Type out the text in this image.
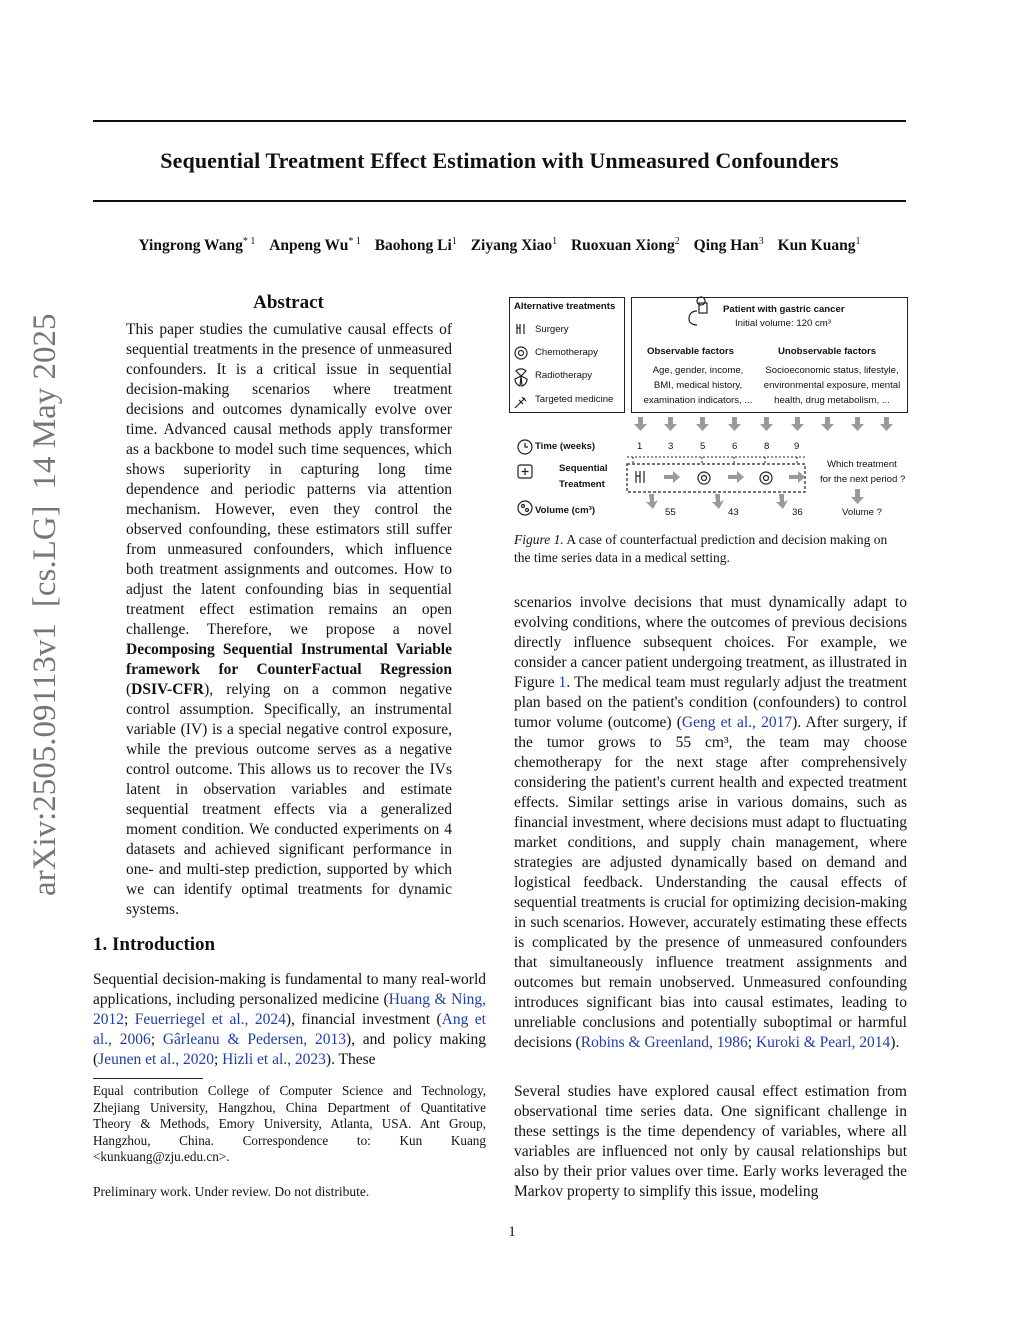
arXiv:2505.09113v1[cs.LG]14 May 2025
Sequential Treatment Effect Estimation with Unmeasured Confounders
Yingrong Wang$^{* 1}$ Anpeng Wu$^{* 1}$ Baohong Li$^1$ Ziyang Xiao$^1$ Ruoxuan Xiong$^2$ Qing Han$^3$ Kun Kuang$^1$
Abstract
This paper studies the cumulative causal effects of sequential treatments in the presence of unmeasured confounders. It is a critical issue in sequential decision-making scenarios where treatment decisions and outcomes dynamically evolve over time. Advanced causal methods apply transformer as a backbone to model such time sequences, which shows superiority in capturing long time dependence and periodic patterns via attention mechanism. However, even they control the observed confounding, these estimators still suffer from unmeasured confounders, which influence both treatment assignments and outcomes. How to adjust the latent confounding bias in sequential treatment effect estimation remains an open challenge. Therefore, we propose a novel Decomposing Sequential Instrumental Variable framework for CounterFactual Regression (DSIV-CFR), relying on a common negative control assumption. Specifically, an instrumental variable (IV) is a special negative control exposure, while the previous outcome serves as a negative control outcome. This allows us to recover the IVs latent in observation variables and estimate sequential treatment effects via a generalized moment condition. We conducted experiments on 4 datasets and achieved significant performance in one- and multi-step prediction, supported by which we can identify optimal treatments for dynamic systems.
1. Introduction
Sequential decision-making is fundamental to many real-world applications, including personalized medicine (Huang & Ning, 2012; Feuerriegel et al., 2024), financial investment (Ang et al., 2006; Gârleanu & Pedersen, 2013), and policy making (Jeunen et al., 2020; Hizli et al., 2023). These
Equal contribution College of Computer Science and Technology, Zhejiang University, Hangzhou, China Department of Quantitative Theory & Methods, Emory University, Atlanta, USA. Ant Group, Hangzhou, China. Correspondence to: Kun Kuang <kunkuang@zju.edu.cn>.
Preliminary work. Under review. Do not distribute.
1
scenarios involve decisions that must dynamically adapt to evolving conditions, where the outcomes of previous decisions directly influence subsequent choices. For example, we consider a cancer patient undergoing treatment, as illustrated in Figure 1. The medical team must regularly adjust the treatment plan based on the patient's condition (confounders) to control tumor volume (outcome) (Geng et al., 2017). After surgery, if the tumor grows to 55 cm³, the team may choose chemotherapy for the next stage after comprehensively considering the patient's current health and expected treatment effects. Similar settings arise in various domains, such as financial investment, where decisions must adapt to fluctuating market conditions, and supply chain management, where strategies are adjusted dynamically based on demand and logistical feedback. Understanding the causal effects of sequential treatments is crucial for optimizing decision-making in such scenarios. However, accurately estimating these effects is complicated by the presence of unmeasured confounders that simultaneously influence treatment assignments and outcomes but remain unobserved. Unmeasured confounding introduces significant bias into causal estimates, leading to unreliable conclusions and potentially suboptimal or harmful decisions (Robins & Greenland, 1986; Kuroki & Pearl, 2014).
Several studies have explored causal effect estimation from observational time series data. One significant challenge in these settings is the time dependency of variables, where all variables are influenced not only by causal relationships but also by their prior values over time. Early works leveraged the Markov property to simplify this issue, modeling
Alternative treatments
Surgery
Chemotherapy
Radiotherapy
Targeted medicine
Patient with gastric cancer
Initial volume: 120 cm³
Observable factors
Age, gender, income,
BMI, medical history,
examination indicators, ...
Unobservable factors
Socioeconomic status, lifestyle,
environmental exposure, mental
health, drug metabolism, ...
Time (weeks)	1	3	5	6	8	9
Sequential
Treatment
Which treatment
for the next period ?
Volume (cm³)	55	43	36	Volume ?
Figure 1. A case of counterfactual prediction and decision making on the time series data in a medical setting.
